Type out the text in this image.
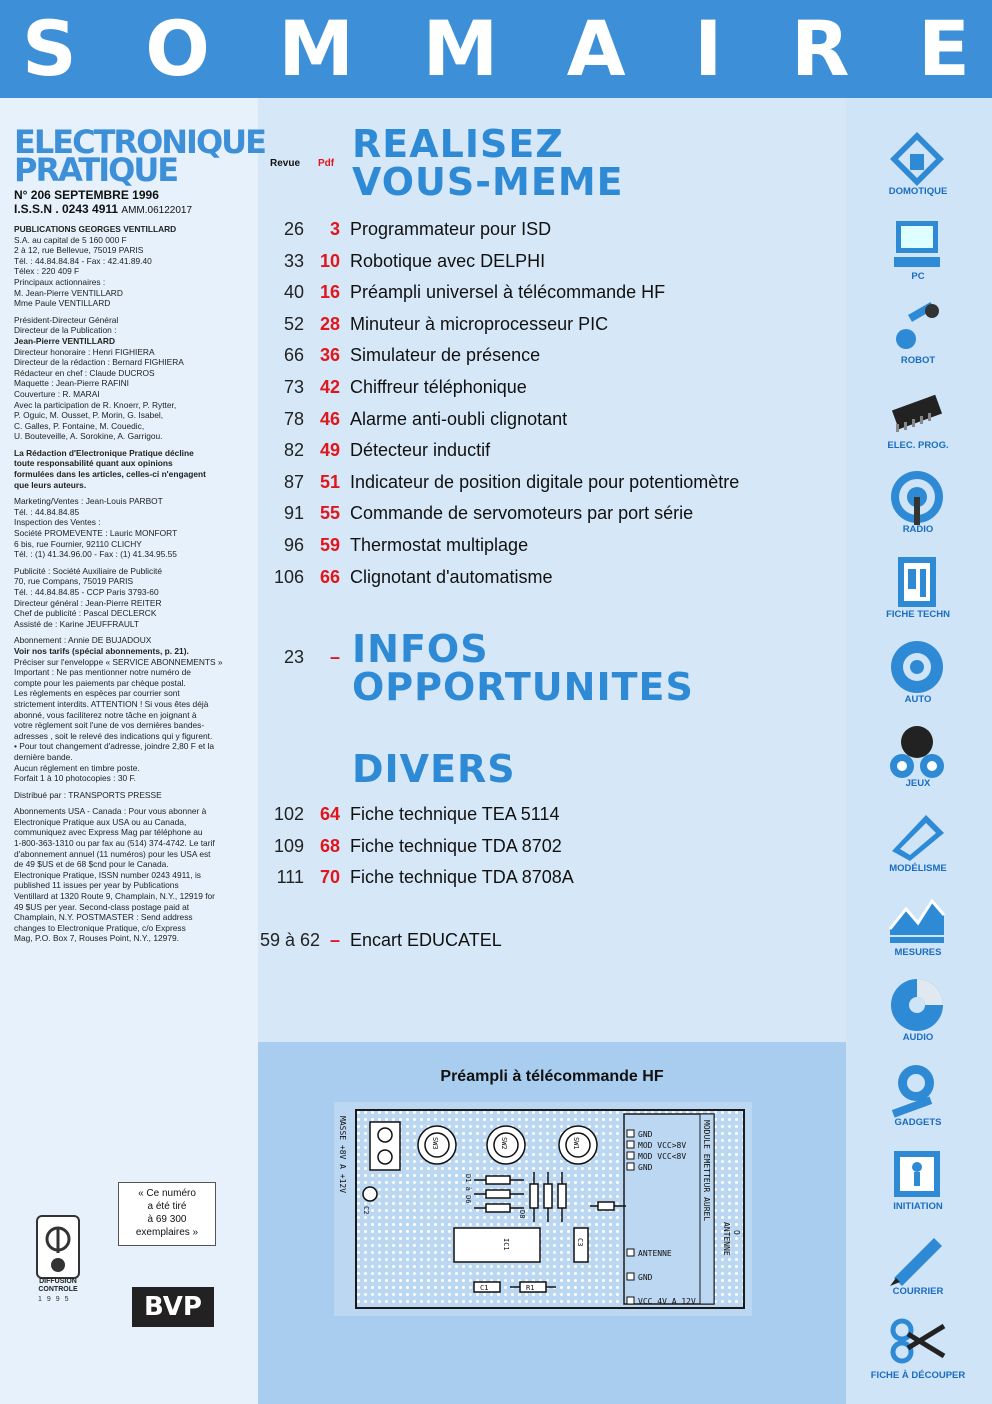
S O M M A I R E
ELECTRONIQUE
PRATIQUE
N° 206 SEPTEMBRE 1996
I.S.S.N . 0243 4911 AMM.06122017

PUBLICATIONS GEORGES VENTILLARD
S.A. au capital de 5 160 000 F
2 à 12, rue Bellevue, 75019 PARIS
Tél. : 44.84.84.84 - Fax : 42.41.89.40
Télex : 220 409 F
Principaux actionnaires :
M. Jean-Pierre VENTILLARD
Mme Paule VENTILLARD

Président-Directeur Général
Directeur de la Publication :
Jean-Pierre VENTILLARD
Directeur honoraire : Henri FIGHIERA
Directeur de la rédaction : Bernard FIGHIERA
Rédacteur en chef : Claude DUCROS
Maquette : Jean-Pierre RAFINI
Couverture : R. MARAI
Avec la participation de R. Knoerr, P. Rytter,
P. Oguic, M. Ousset, P. Morin, G. Isabel,
C. Galles, P. Fontaine, M. Couedic,
U. Bouteveille, A. Sorokine, A. Garrigou.

La Rédaction d'Electronique Pratique décline
toute responsabilité quant aux opinions
formulées dans les articles, celles-ci n'engagent
que leurs auteurs.

Marketing/Ventes : Jean-Louis PARBOT
Tél. : 44.84.84.85
Inspection des Ventes :
Société PROMEVENTE : Lauric MONFORT
6 bis, rue Fournier, 92110 CLICHY
Tél. : (1) 41.34.96.00 - Fax : (1) 41.34.95.55

Publicité : Société Auxiliaire de Publicité
70, rue Compans, 75019 PARIS
Tél. : 44.84.84.85 - CCP Paris 3793-60
Directeur général : Jean-Pierre REITER
Chef de publicité : Pascal DECLERCK
Assisté de : Karine JEUFFRAULT

Abonnement : Annie DE BUJADOUX
Voir nos tarifs (spécial abonnements, p. 21).
Préciser sur l'enveloppe « SERVICE ABONNEMENTS »
Important : Ne pas mentionner notre numéro de
compte pour les paiements par chèque postal.
Les règlements en espèces par courrier sont
strictement interdits. ATTENTION ! Si vous êtes déjà
abonné, vous faciliterez notre tâche en joignant à
votre règlement soit l'une de vos dernières bandes-
adresses , soit le relevé des indications qui y figurent.
• Pour tout changement d'adresse, joindre 2,80 F et la
dernière bande.
Aucun règlement en timbre poste.
Forfait 1 à 10 photocopies : 30 F.

Distribué par : TRANSPORTS PRESSE

Abonnements USA - Canada : Pour vous abonner à
Electronique Pratique aux USA ou au Canada,
communiquez avec Express Mag par téléphone au
1-800-363-1310 ou par fax au (514) 374-4742. Le tarif
d'abonnement annuel (11 numéros) pour les USA est
de 49 $US et de 68 $cnd pour le Canada.
Electronique Pratique, ISSN number 0243 4911, is
published 11 issues per year by Publications
Ventillard at 1320 Route 9, Champlain, N.Y., 12919 for
49 $US per year. Second-class postage paid at
Champlain, N.Y. POSTMASTER : Send address
changes to Electronique Pratique, c/o Express
Mag, P.O. Box 7, Rouses Point, N.Y., 12979.

« Ce numéro
a été tiré
à 69 300
exemplaires »
DIFFUSION
CONTROLE
1995	BVP
Revue Pdf REALISEZ
VOUS-MEME
INFOS
OPPORTUNITES
DIVERS
26	3 Programmateur pour ISD
33 10 Robotique avec DELPHI
40 16 Préampli universel à télécommande HF
52 28 Minuteur à microprocesseur PIC
66 36 Simulateur de présence
73 42 Chiffreur téléphonique
78 46 Alarme anti-oubli clignotant
82 49 Détecteur inductif
87 51 Indicateur de position digitale pour potentiomètre
91 55 Commande de servomoteurs par port série
96 59 Thermostat multiplage
106 66 Clignotant d'automatisme
23	–
102 64 Fiche technique TEA 5114
109 68 Fiche technique TDA 8702
111 70 Fiche technique TDA 8708A
59 à 62 – Encart EDUCATEL
Préampli à télécommande HF
MODULE EMETTEUR AUREL
ANTENNE O
GND
MOD VCC>8V
MOD VCC<8V
GND
ANTENNE
GND
VCC 4V A 12V
MASSE +8V A +12V	SW3	SW2	SW1
D1 à D6
D8
C2
IC1	C3
C1	R1
DOMOTIQUE
PC
ROBOT
ELEC. PROG.
RADIO
FICHE TECHN
AUTO
JEUX
MODÉLISME
MESURES
AUDIO
GADGETS
INITIATION
COURRIER
FICHE À DÉCOUPER
